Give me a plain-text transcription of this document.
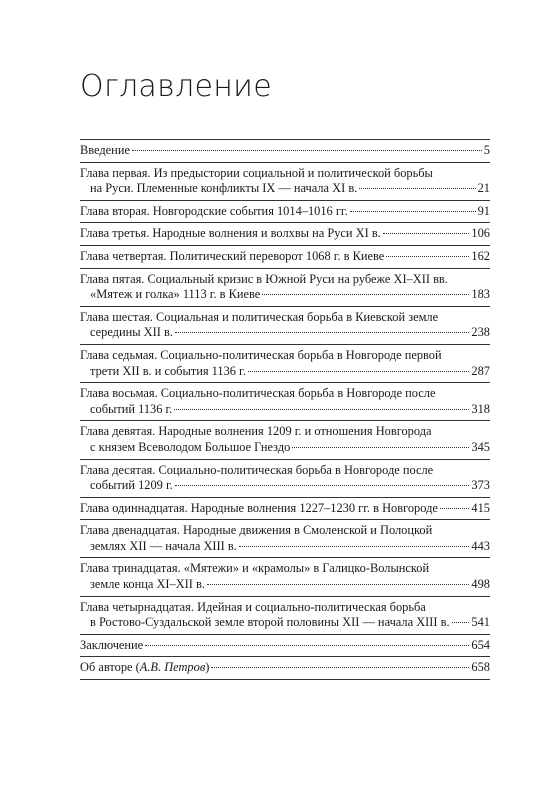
Оглавление
Введение	5
Глава первая. Из предыстории социальной и политической борьбы
на Руси. Племенные конфликты IX — начала XI в.	21
Глава вторая. Новгородские события 1014–1016 гг.	91
Глава третья. Народные волнения и волхвы на Руси XI в.	106
Глава четвертая. Политический переворот 1068 г. в Киеве	162
Глава пятая. Социальный кризис в Южной Руси на рубеже XI–XII вв.
«Мятеж и голка» 1113 г. в Киеве	183
Глава шестая. Социальная и политическая борьба в Киевской земле
середины XII в.	238
Глава седьмая. Социально-политическая борьба в Новгороде первой
трети XII в. и события 1136 г.	287
Глава восьмая. Социально-политическая борьба в Новгороде после
событий 1136 г.	318
Глава девятая. Народные волнения 1209 г. и отношения Новгорода
с князем Всеволодом Большое Гнездо	345
Глава десятая. Социально-политическая борьба в Новгороде после
событий 1209 г.	373
Глава одиннадцатая. Народные волнения 1227–1230 гг. в Новгороде	415
Глава двенадцатая. Народные движения в Смоленской и Полоцкой
землях XII — начала XIII в.	443
Глава тринадцатая. «Мятежи» и «крамолы» в Галицко-Волынской
земле конца XI–XII в.	498
Глава четырнадцатая. Идейная и социально-политическая борьба
в Ростово-Суздальской земле второй половины XII — начала XIII в. 541
Заключение	654
Об авторе ( А.В. Петров )	658
